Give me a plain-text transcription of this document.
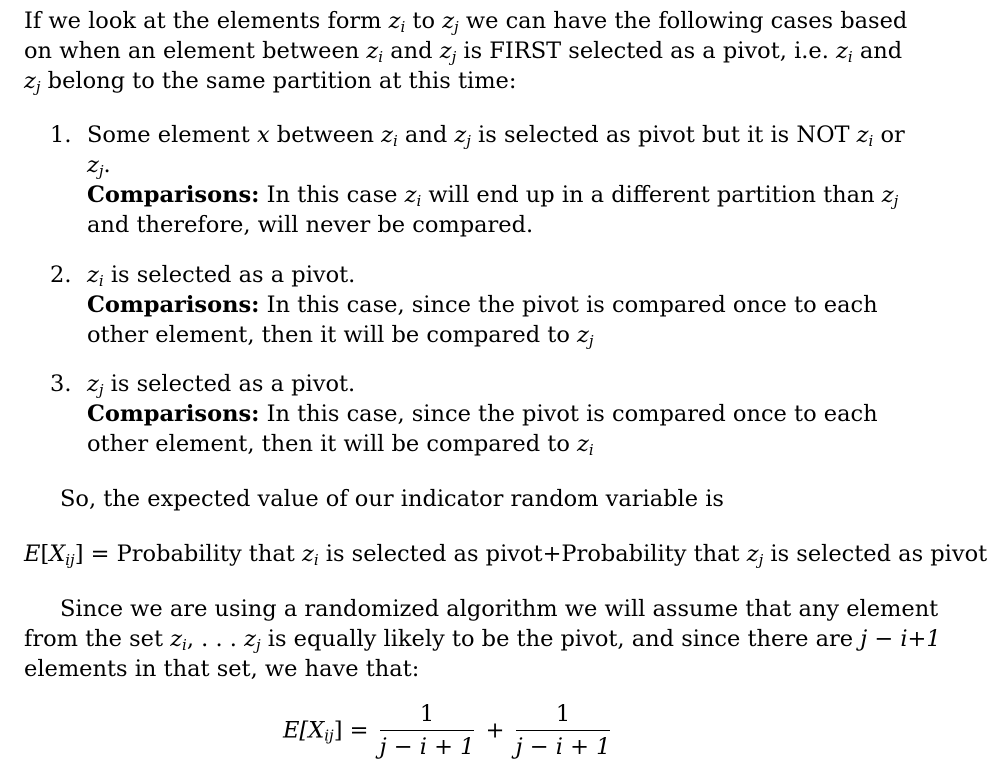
If we look at the elements form $z_i$ to $z_j$ we can have the following cases based
on when an element between $z_i$ and $z_j$ is FIRST selected as a pivot, i.e. $z_i$ and
$z_j$ belong to the same partition at this time:
1. Some element x between $z_i$ and $z_j$ is selected as pivot but it is NOT $z_i$ or
$z_j$.
Comparisons: In this case $z_i$ will end up in a different partition than $z_j$
and therefore, will never be compared.
2. $z_i$ is selected as a pivot.
Comparisons: In this case, since the pivot is compared once to each
other element, then it will be compared to $z_j$
3. $z_j$ is selected as a pivot.
Comparisons: In this case, since the pivot is compared once to each
other element, then it will be compared to $z_i$
So, the expected value of our indicator random variable is
$E[X_{ij}]$ = Probability that $z_i$ is selected as pivot+Probability that $z_j$ is selected as pivot
Since we are using a randomized algorithm we will assume that any element
from the set $z_i$, . . . $z_j$ is equally likely to be the pivot, and since there are j − i+1
elements in that set, we have that:
$E[X_{ij}] = \frac{1}{j - i + 1} + \frac{1}{j - i + 1}$
